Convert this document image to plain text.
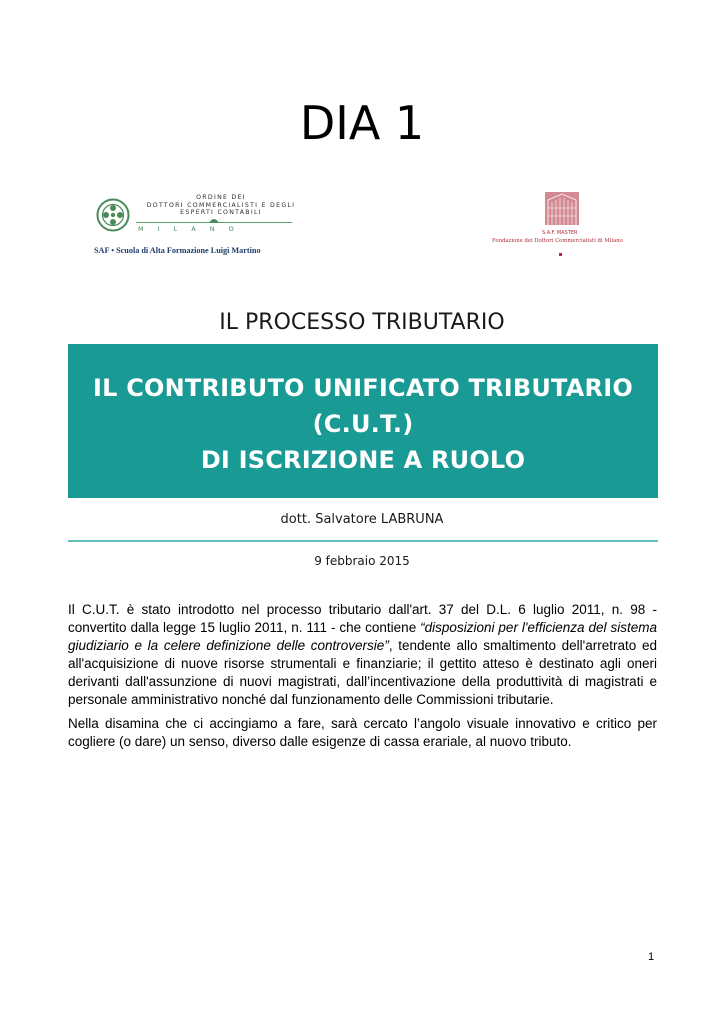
DIA 1
ORDINE DEI
DOTTORI COMMERCIALISTI E DEGLI
ESPERTI CONTABILI
MILANO
SAF • Scuola di Alta Formazione Luigi Martino
S.A.F. MASTER
Fondazione dei Dottori Commercialisti di Milano
IL PROCESSO TRIBUTARIO
IL CONTRIBUTO UNIFICATO TRIBUTARIO
(C.U.T.)
DI ISCRIZIONE A RUOLO
dott. Salvatore LABRUNA
9 febbraio 2015

Il C.U.T. è stato introdotto nel processo tributario dall'art. 37 del D.L. 6 luglio 2011, n. 98 - convertito dalla legge 15 luglio 2011, n. 111 - che contiene “disposizioni per l'efficienza del sistema giudiziario e la celere definizione delle controversie”, tendente allo smaltimento dell'arretrato ed all'acquisizione di nuove risorse strumentali e finanziarie; il gettito atteso è destinato agli oneri derivanti dall'assunzione di nuovi magistrati, dall’incentivazione della produttività di magistrati e personale amministrativo nonché dal funzionamento delle Commissioni tributarie.

Nella disamina che ci accingiamo a fare, sarà cercato l’angolo visuale innovativo e critico per cogliere (o dare) un senso, diverso dalle esigenze di cassa erariale, al nuovo tributo.

1
